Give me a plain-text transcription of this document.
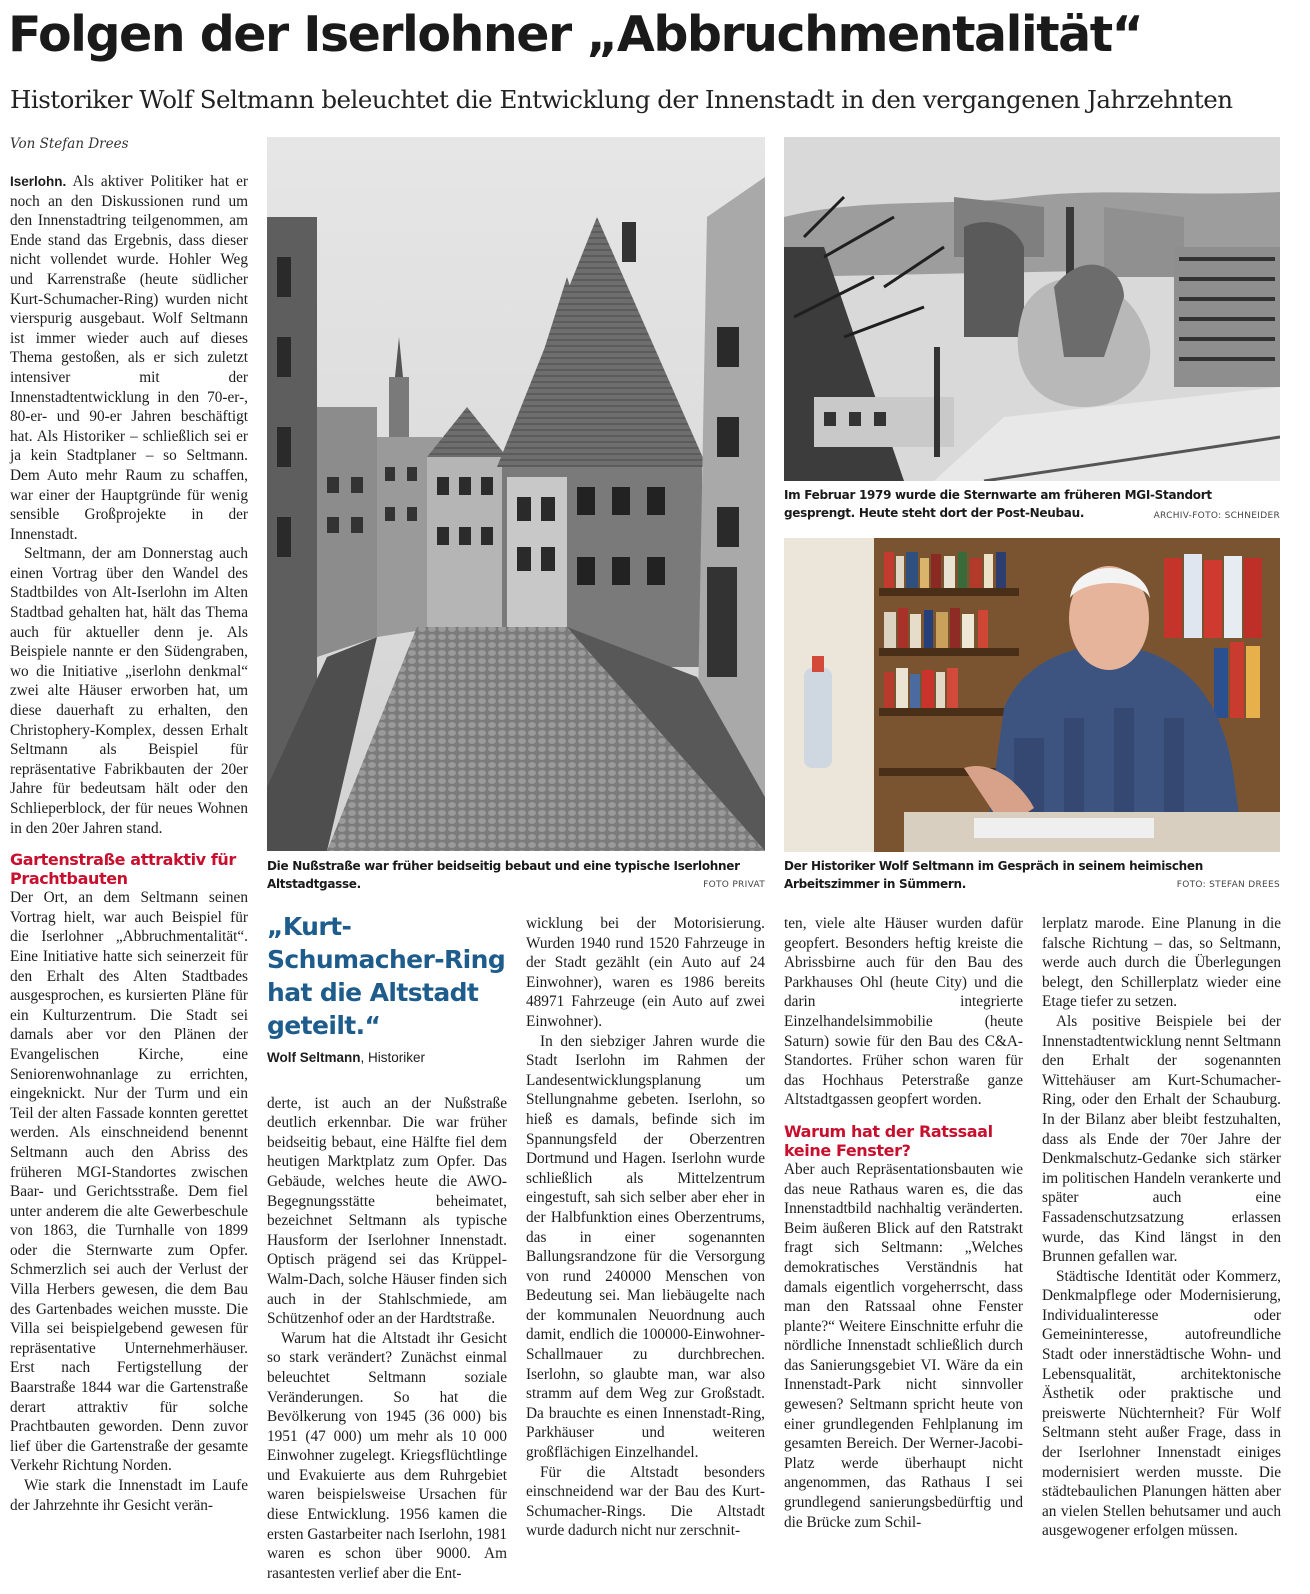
Folgen der Iserlohner „Abbruchmentalität“
Historiker Wolf Seltmann beleuchtet die Entwicklung der Innenstadt in den vergangenen Jahrzehnten
Von Stefan Drees

Iserlohn. Als aktiver Politiker hat er noch an den Diskussionen rund um den Innenstadtring teilgenommen, am Ende stand das Ergebnis, dass dieser nicht vollendet wurde. Hohler Weg und Karrenstraße (heute südlicher Kurt-Schumacher-Ring) wurden nicht vierspurig ausgebaut. Wolf Seltmann ist immer wieder auch auf dieses Thema gestoßen, als er sich zuletzt intensiver mit der Innenstadtentwicklung in den 70-er-, 80-er- und 90-er Jahren beschäftigt hat. Als Historiker – schließlich sei er ja kein Stadtplaner – so Seltmann. Dem Auto mehr Raum zu schaffen, war einer der Hauptgründe für wenig sensible Großprojekte in der Innenstadt.

Seltmann, der am Donnerstag auch einen Vortrag über den Wandel des Stadtbildes von Alt-Iserlohn im Alten Stadtbad gehalten hat, hält das Thema auch für aktueller denn je. Als Beispiele nannte er den Südengraben, wo die Initiative „iserlohn denkmal“ zwei alte Häuser erworben hat, um diese dauerhaft zu erhalten, den Christophery-Komplex, dessen Erhalt Seltmann als Beispiel für repräsentative Fabrikbauten der 20er Jahre für bedeutsam hält oder den Schlieperblock, der für neues Wohnen in den 20er Jahren stand.

Gartenstraße attraktiv für Prachtbauten

Der Ort, an dem Seltmann seinen Vortrag hielt, war auch Beispiel für die Iserlohner „Abbruchmentalität“. Eine Initiative hatte sich seinerzeit für den Erhalt des Alten Stadtbades ausgesprochen, es kursierten Pläne für ein Kulturzentrum. Die Stadt sei damals aber vor den Plänen der Evangelischen Kirche, eine Seniorenwohnanlage zu errichten, eingeknickt. Nur der Turm und ein Teil der alten Fassade konnten gerettet werden. Als einschneidend benennt Seltmann auch den Abriss des früheren MGI-Standortes zwischen Baar- und Gerichtsstraße. Dem fiel unter anderem die alte Gewerbeschule von 1863, die Turnhalle von 1899 oder die Sternwarte zum Opfer. Schmerzlich sei auch der Verlust der Villa Herbers gewesen, die dem Bau des Gartenbades weichen musste. Die Villa sei beispielgebend gewesen für repräsentative Unternehmerhäuser. Erst nach Fertigstellung der Baarstraße 1844 war die Gartenstraße derart attraktiv für solche Prachtbauten geworden. Denn zuvor lief über die Gartenstraße der gesamte Verkehr Richtung Norden.

Wie stark die Innenstadt im Laufe der Jahrzehnte ihr Gesicht verän-

„Kurt-Schumacher-Ring hat die Altstadt geteilt.“
Wolf Seltmann, Historiker

derte, ist auch an der Nußstraße deutlich erkennbar. Die war früher beidseitig bebaut, eine Hälfte fiel dem heutigen Marktplatz zum Opfer. Das Gebäude, welches heute die AWO-Begegnungsstätte beheimatet, bezeichnet Seltmann als typische Hausform der Iserlohner Innenstadt. Optisch prägend sei das Krüppel-Walm-Dach, solche Häuser finden sich auch in der Stahlschmiede, am Schützenhof oder an der Hardtstraße.

Warum hat die Altstadt ihr Gesicht so stark verändert? Zunächst einmal beleuchtet Seltmann soziale Veränderungen. So hat die Bevölkerung von 1945 (36 000) bis 1951 (47 000) um mehr als 10 000 Einwohner zugelegt. Kriegsflüchtlinge und Evakuierte aus dem Ruhrgebiet waren beispielsweise Ursachen für diese Entwicklung. 1956 kamen die ersten Gastarbeiter nach Iserlohn, 1981 waren es schon über 9000. Am rasantesten verlief aber die Ent-

wicklung bei der Motorisierung. Wurden 1940 rund 1520 Fahrzeuge in der Stadt gezählt (ein Auto auf 24 Einwohner), waren es 1986 bereits 48971 Fahrzeuge (ein Auto auf zwei Einwohner).

In den siebziger Jahren wurde die Stadt Iserlohn im Rahmen der Landesentwicklungsplanung um Stellungnahme gebeten. Iserlohn, so hieß es damals, befinde sich im Spannungsfeld der Oberzentren Dortmund und Hagen. Iserlohn wurde schließlich als Mittelzentrum eingestuft, sah sich selber aber eher in der Halbfunktion eines Oberzentrums, das in einer sogenannten Ballungsrandzone für die Versorgung von rund 240000 Menschen von Bedeutung sei. Man liebäugelte nach der kommunalen Neuordnung auch damit, endlich die 100000-Einwohner-Schallmauer zu durchbrechen. Iserlohn, so glaubte man, war also stramm auf dem Weg zur Großstadt. Da brauchte es einen Innenstadt-Ring, Parkhäuser und weiteren großflächigen Einzelhandel.

Für die Altstadt besonders einschneidend war der Bau des Kurt-Schumacher-Rings. Die Altstadt wurde dadurch nicht nur zerschnit-

ten, viele alte Häuser wurden dafür geopfert. Besonders heftig kreiste die Abrissbirne auch für den Bau des Parkhauses Ohl (heute City) und die darin integrierte Einzelhandelsimmobilie (heute Saturn) sowie für den Bau des C&A-Standortes. Früher schon waren für das Hochhaus Peterstraße ganze Altstadtgassen geopfert worden.

Warum hat der Ratssaal keine Fenster?

Aber auch Repräsentationsbauten wie das neue Rathaus waren es, die das Innenstadtbild nachhaltig veränderten. Beim äußeren Blick auf den Ratstrakt fragt sich Seltmann: „Welches demokratisches Verständnis hat damals eigentlich vorgeherrscht, dass man den Ratssaal ohne Fenster plante?“ Weitere Einschnitte erfuhr die nördliche Innenstadt schließlich durch das Sanierungsgebiet VI. Wäre da ein Innenstadt-Park nicht sinnvoller gewesen? Seltmann spricht heute von einer grundlegenden Fehlplanung im gesamten Bereich. Der Werner-Jacobi-Platz werde überhaupt nicht angenommen, das Rathaus I sei grundlegend sanierungsbedürftig und die Brücke zum Schil-

lerplatz marode. Eine Planung in die falsche Richtung – das, so Seltmann, werde auch durch die Überlegungen belegt, den Schillerplatz wieder eine Etage tiefer zu setzen.

Als positive Beispiele bei der Innenstadtentwicklung nennt Seltmann den Erhalt der sogenannten Wittehäuser am Kurt-Schumacher-Ring, oder den Erhalt der Schauburg. In der Bilanz aber bleibt festzuhalten, dass als Ende der 70er Jahre der Denkmalschutz-Gedanke sich stärker im politischen Handeln verankerte und später auch eine Fassadenschutzsatzung erlassen wurde, das Kind längst in den Brunnen gefallen war.

Städtische Identität oder Kommerz, Denkmalpflege oder Modernisierung, Individualinteresse oder Gemeininteresse, autofreundliche Stadt oder innerstädtische Wohn- und Lebensqualität, architektonische Ästhetik oder praktische und preiswerte Nüchternheit? Für Wolf Seltmann steht außer Frage, dass in der Iserlohner Innenstadt einiges modernisiert werden musste. Die städtebaulichen Planungen hätten aber an vielen Stellen behutsamer und auch ausgewogener erfolgen müssen.

Die Nußstraße war früher beidseitig bebaut und eine typische Iserlohner Altstadtgasse.	FOTO PRIVAT
Im Februar 1979 wurde die Sternwarte am früheren MGI-Standort gesprengt. Heute steht dort der Post-Neubau.	ARCHIV-FOTO: SCHNEIDER
Der Historiker Wolf Seltmann im Gespräch in seinem heimischen Arbeitszimmer in Sümmern.	FOTO: STEFAN DREES
